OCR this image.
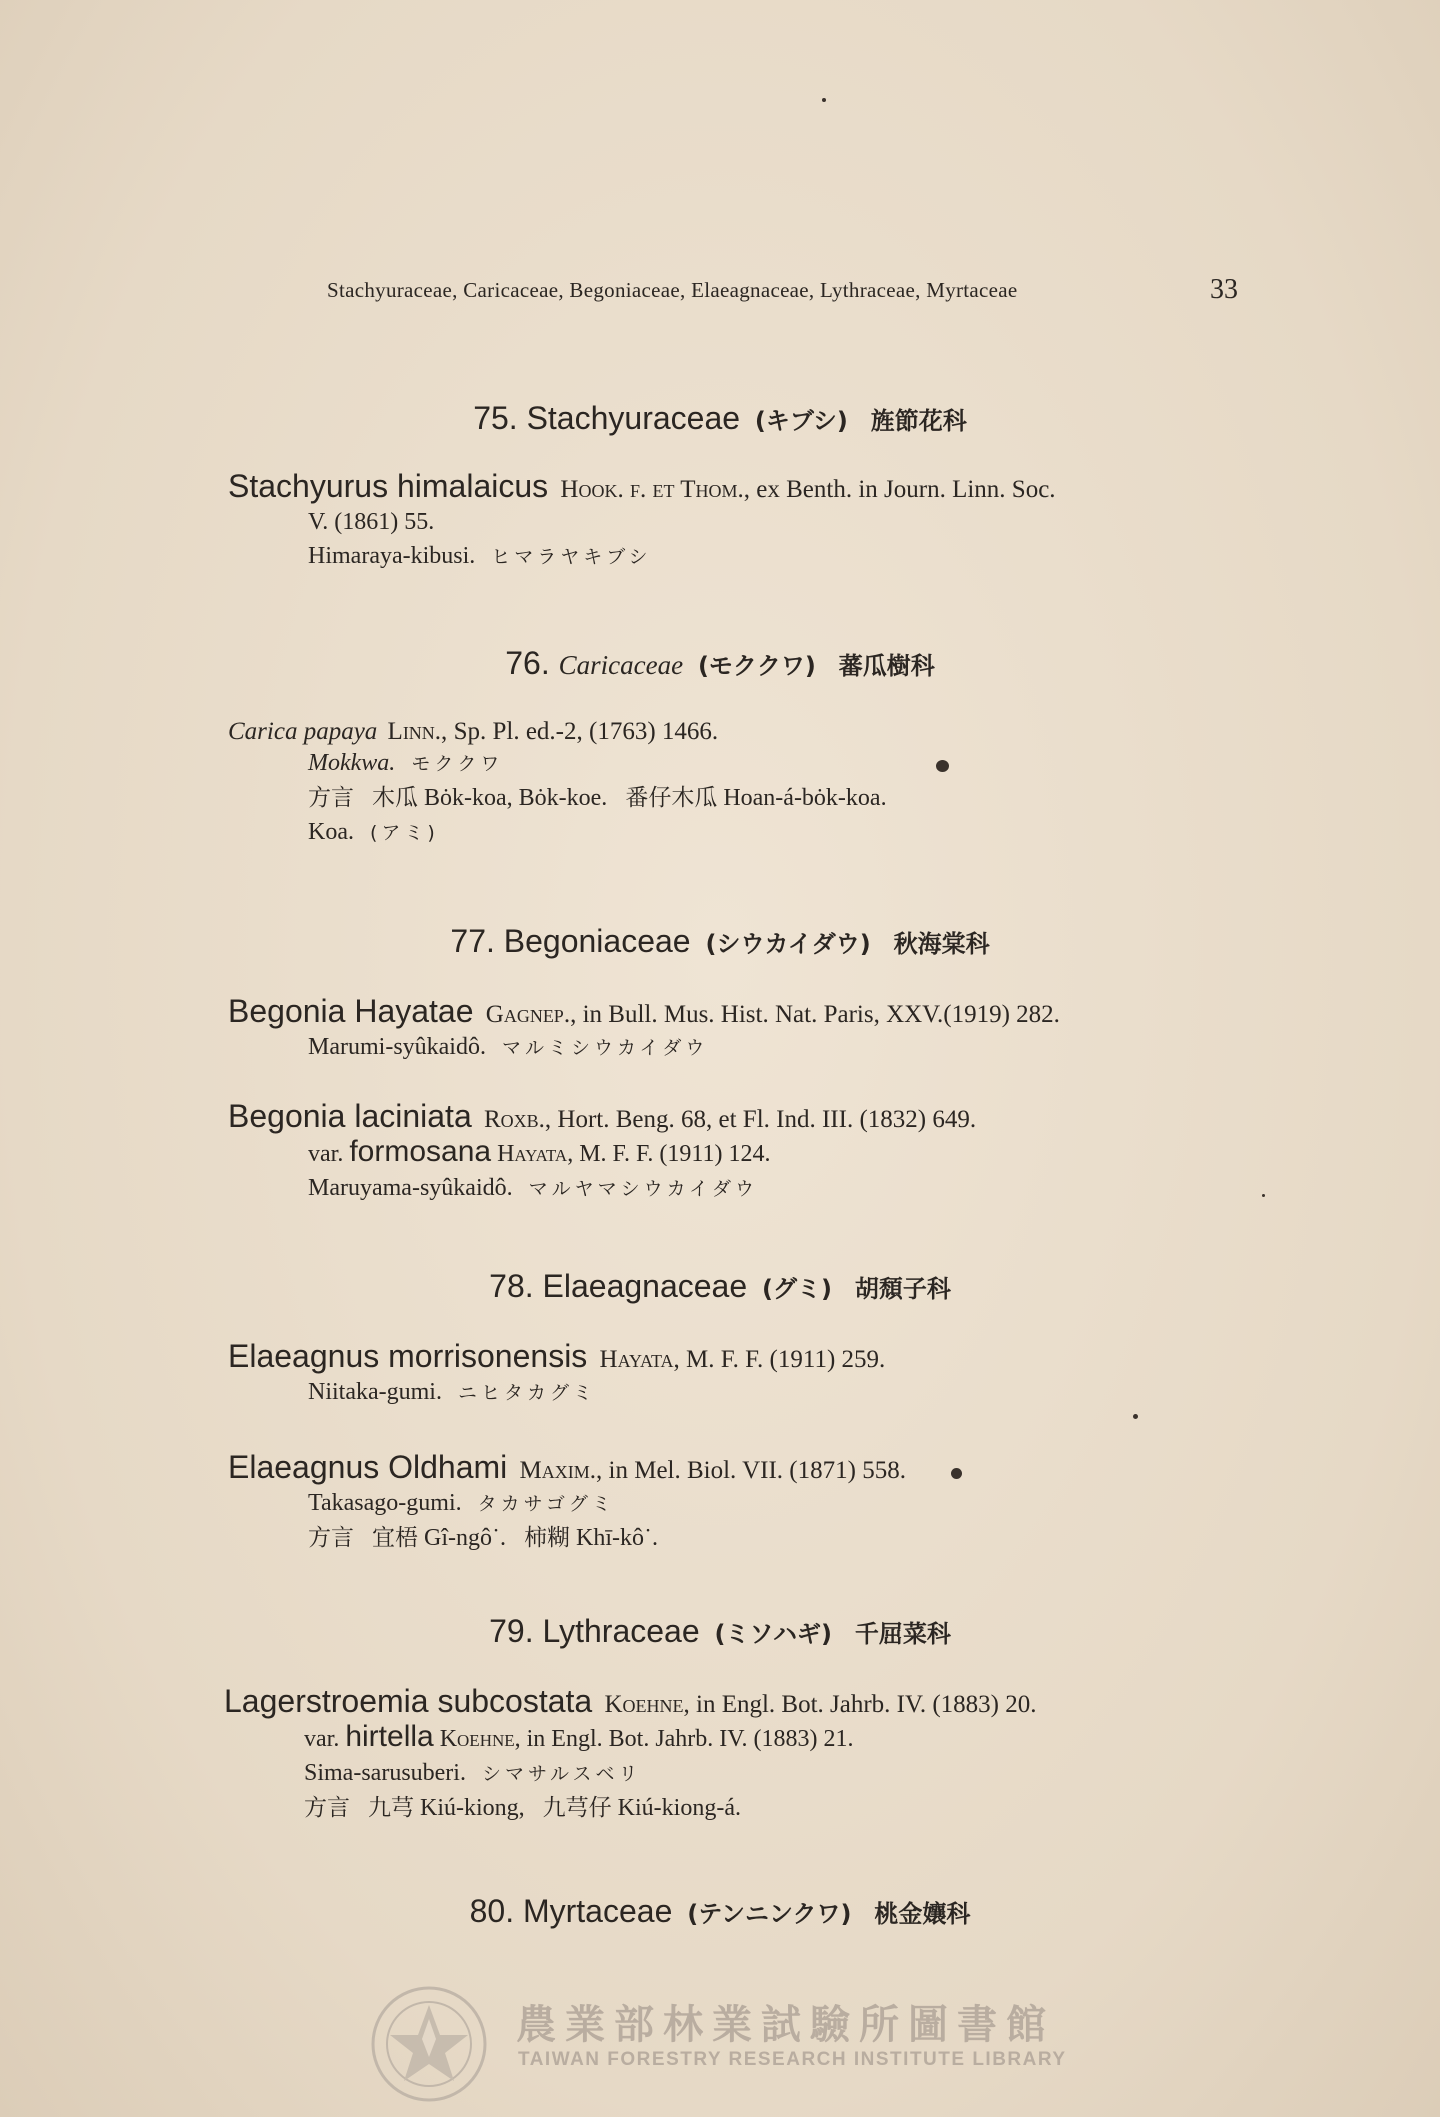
Stachyuraceae, Caricaceae, Begoniaceae, Elaeagnaceae, Lythraceae, Myrtaceae	33
75. Stachyuraceae (キブシ) 旌節花科
Stachyurus himalaicus Hook. f. et Thom., ex Benth. in Journ. Linn. Soc.
V. (1861) 55.
Himaraya-kibusi. ヒマラヤキブシ
76. Caricaceae (モククワ) 蕃瓜樹科
Carica papaya Linn., Sp. Pl. ed.-2, (1763) 1466.
Mokkwa. モククワ
方言 木瓜 Bȯk-koa, Bȯk-koe. 番仔木瓜 Hoan-á-bȯk-koa.
Koa. (アミ)
77. Begoniaceae (シウカイダウ) 秋海棠科
Begonia Hayatae Gagnep., in Bull. Mus. Hist. Nat. Paris, XXV.(1919) 282.
Marumi-syûkaidô. マルミシウカイダウ
Begonia laciniata Roxb., Hort. Beng. 68, et Fl. Ind. III. (1832) 649.
var. formosana Hayata, M. F. F. (1911) 124.
Maruyama-syûkaidô. マルヤマシウカイダウ
78. Elaeagnaceae (グミ) 胡頹子科
Elaeagnus morrisonensis Hayata, M. F. F. (1911) 259.
Niitaka-gumi. ニヒタカグミ
Elaeagnus Oldhami Maxim., in Mel. Biol. VII. (1871) 558.
Takasago-gumi. タカサゴグミ
方言 宜梧 Gî-ngô˙. 柿糊 Khī-kô˙.
79. Lythraceae (ミソハギ) 千屈菜科
Lagerstroemia subcostata Koehne, in Engl. Bot. Jahrb. IV. (1883) 20.
var. hirtella Koehne, in Engl. Bot. Jahrb. IV. (1883) 21.
Sima-sarusuberi. シマサルスベリ
方言 九芎 Kiú-kiong, 九芎仔 Kiú-kiong-á.
80. Myrtaceae (テンニンクワ) 桃金孃科
農業部林業試驗所圖書館
TAIWAN FORESTRY RESEARCH INSTITUTE LIBRARY
